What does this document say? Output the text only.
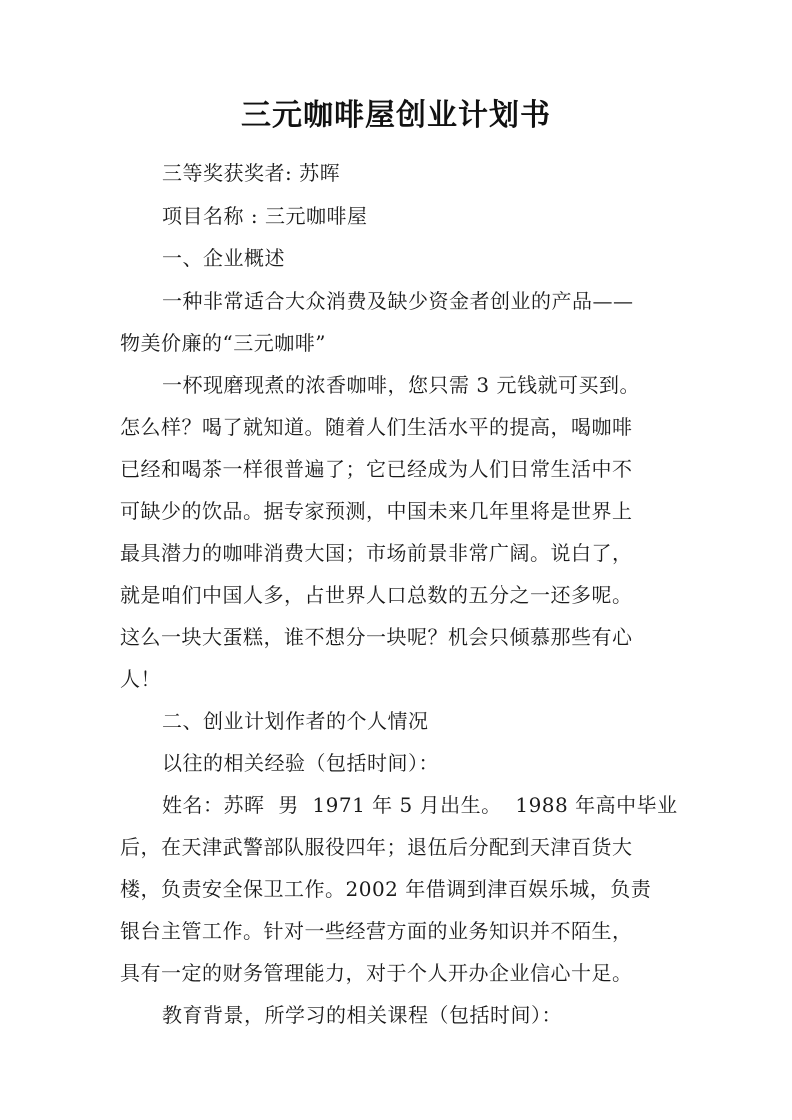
三元咖啡屋创业计划书
三等奖获奖者: 苏晖
项目名称 : 三元咖啡屋
一、企业概述
一种非常适合大众消费及缺少资金者创业的产品——
物美价廉的“三元咖啡”
一杯现磨现煮的浓香咖啡，您只需 3 元钱就可买到。
怎么样？喝了就知道。随着人们生活水平的提高，喝咖啡
已经和喝茶一样很普遍了；它已经成为人们日常生活中不
可缺少的饮品。据专家预测，中国未来几年里将是世界上
最具潜力的咖啡消费大国；市场前景非常广阔。说白了，
就是咱们中国人多，占世界人口总数的五分之一还多呢。
这么一块大蛋糕，谁不想分一块呢？机会只倾慕那些有心
人！
二、创业计划作者的个人情况
以往的相关经验（包括时间）：
姓名：苏晖  男  1971 年 5 月出生。  1988 年高中毕业
后，在天津武警部队服役四年；退伍后分配到天津百货大
楼，负责安全保卫工作。2002 年借调到津百娱乐城，负责
银台主管工作。针对一些经营方面的业务知识并不陌生，
具有一定的财务管理能力，对于个人开办企业信心十足。
教育背景，所学习的相关课程（包括时间）：
